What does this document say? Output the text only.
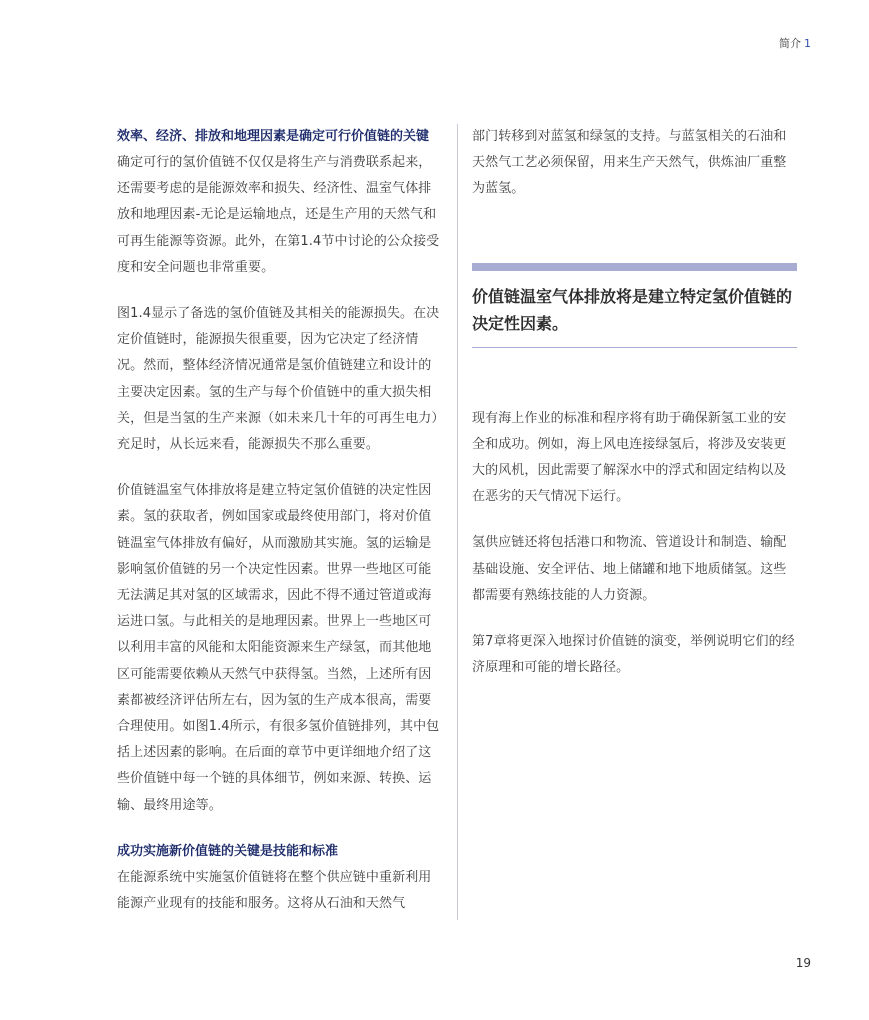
简介 1
效率、经济、排放和地理因素是确定可行价值链的关键

确定可行的氢价值链不仅仅是将生产与消费联系起来，还需要考虑的是能源效率和损失、经济性、温室气体排放和地理因素-无论是运输地点，还是生产用的天然气和可再生能源等资源。此外，在第1.4节中讨论的公众接受度和安全问题也非常重要。

图1.4显示了备选的氢价值链及其相关的能源损失。在决定价值链时，能源损失很重要，因为它决定了经济情况。然而，整体经济情况通常是氢价值链建立和设计的主要决定因素。氢的生产与每个价值链中的重大损失相关，但是当氢的生产来源（如未来几十年的可再生电力）充足时，从长远来看，能源损失不那么重要。

价值链温室气体排放将是建立特定氢价值链的决定性因素。氢的获取者，例如国家或最终使用部门，将对价值链温室气体排放有偏好，从而激励其实施。氢的运输是影响氢价值链的另一个决定性因素。世界一些地区可能无法满足其对氢的区域需求，因此不得不通过管道或海运进口氢。与此相关的是地理因素。世界上一些地区可以利用丰富的风能和太阳能资源来生产绿氢，而其他地区可能需要依赖从天然气中获得氢。当然，上述所有因素都被经济评估所左右，因为氢的生产成本很高，需要合理使用。如图1.4所示，有很多氢价值链排列，其中包括上述因素的影响。在后面的章节中更详细地介绍了这些价值链中每一个链的具体细节，例如来源、转换、运输、最终用途等。

成功实施新价值链的关键是技能和标准

在能源系统中实施氢价值链将在整个供应链中重新利用能源产业现有的技能和服务。这将从石油和天然气

部门转移到对蓝氢和绿氢的支持。与蓝氢相关的石油和天然气工艺必须保留，用来生产天然气，供炼油厂重整为蓝氢。

价值链温室气体排放将是建立特定氢价值链的决定性因素。

现有海上作业的标准和程序将有助于确保新氢工业的安全和成功。例如，海上风电连接绿氢后，将涉及安装更大的风机，因此需要了解深水中的浮式和固定结构以及在恶劣的天气情况下运行。

氢供应链还将包括港口和物流、管道设计和制造、输配基础设施、安全评估、地上储罐和地下地质储氢。这些都需要有熟练技能的人力资源。

第7章将更深入地探讨价值链的演变，举例说明它们的经济原理和可能的增长路径。

19
